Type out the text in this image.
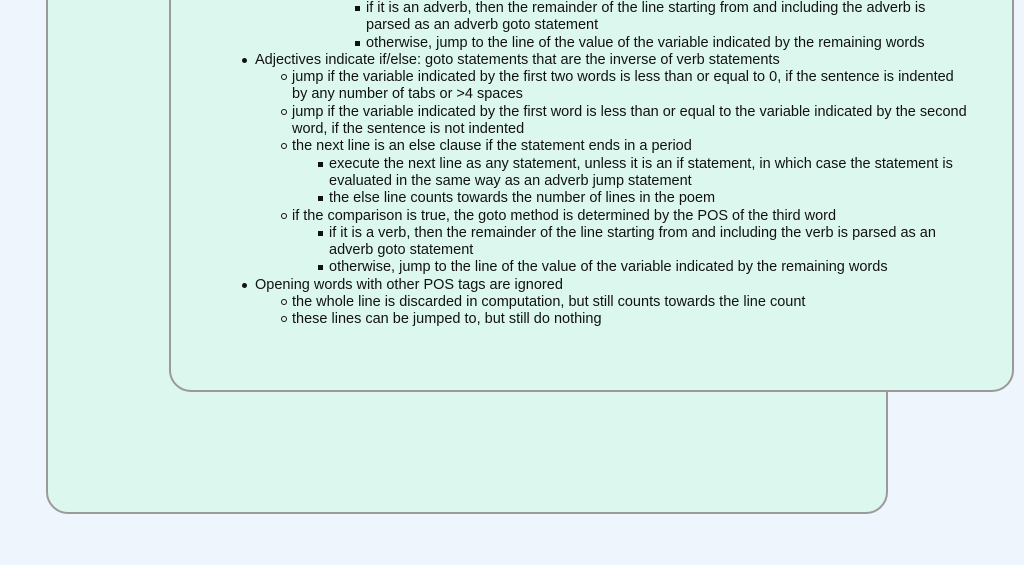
if it is an adverb, then the remainder of the line starting from and including the adverb is parsed as an adverb goto statement
otherwise, jump to the line of the value of the variable indicated by the remaining words
Adjectives indicate if/else: goto statements that are the inverse of verb statements
jump if the variable indicated by the first two words is less than or equal to 0, if the sentence is indented by any number of tabs or >4 spaces
jump if the variable indicated by the first word is less than or equal to the variable indicated by the second word, if the sentence is not indented
the next line is an else clause if the statement ends in a period
execute the next line as any statement, unless it is an if statement, in which case the statement is evaluated in the same way as an adverb jump statement
the else line counts towards the number of lines in the poem
if the comparison is true, the goto method is determined by the POS of the third word
if it is a verb, then the remainder of the line starting from and including the verb is parsed as an adverb goto statement
otherwise, jump to the line of the value of the variable indicated by the remaining words
Opening words with other POS tags are ignored
the whole line is discarded in computation, but still counts towards the line count
these lines can be jumped to, but still do nothing
